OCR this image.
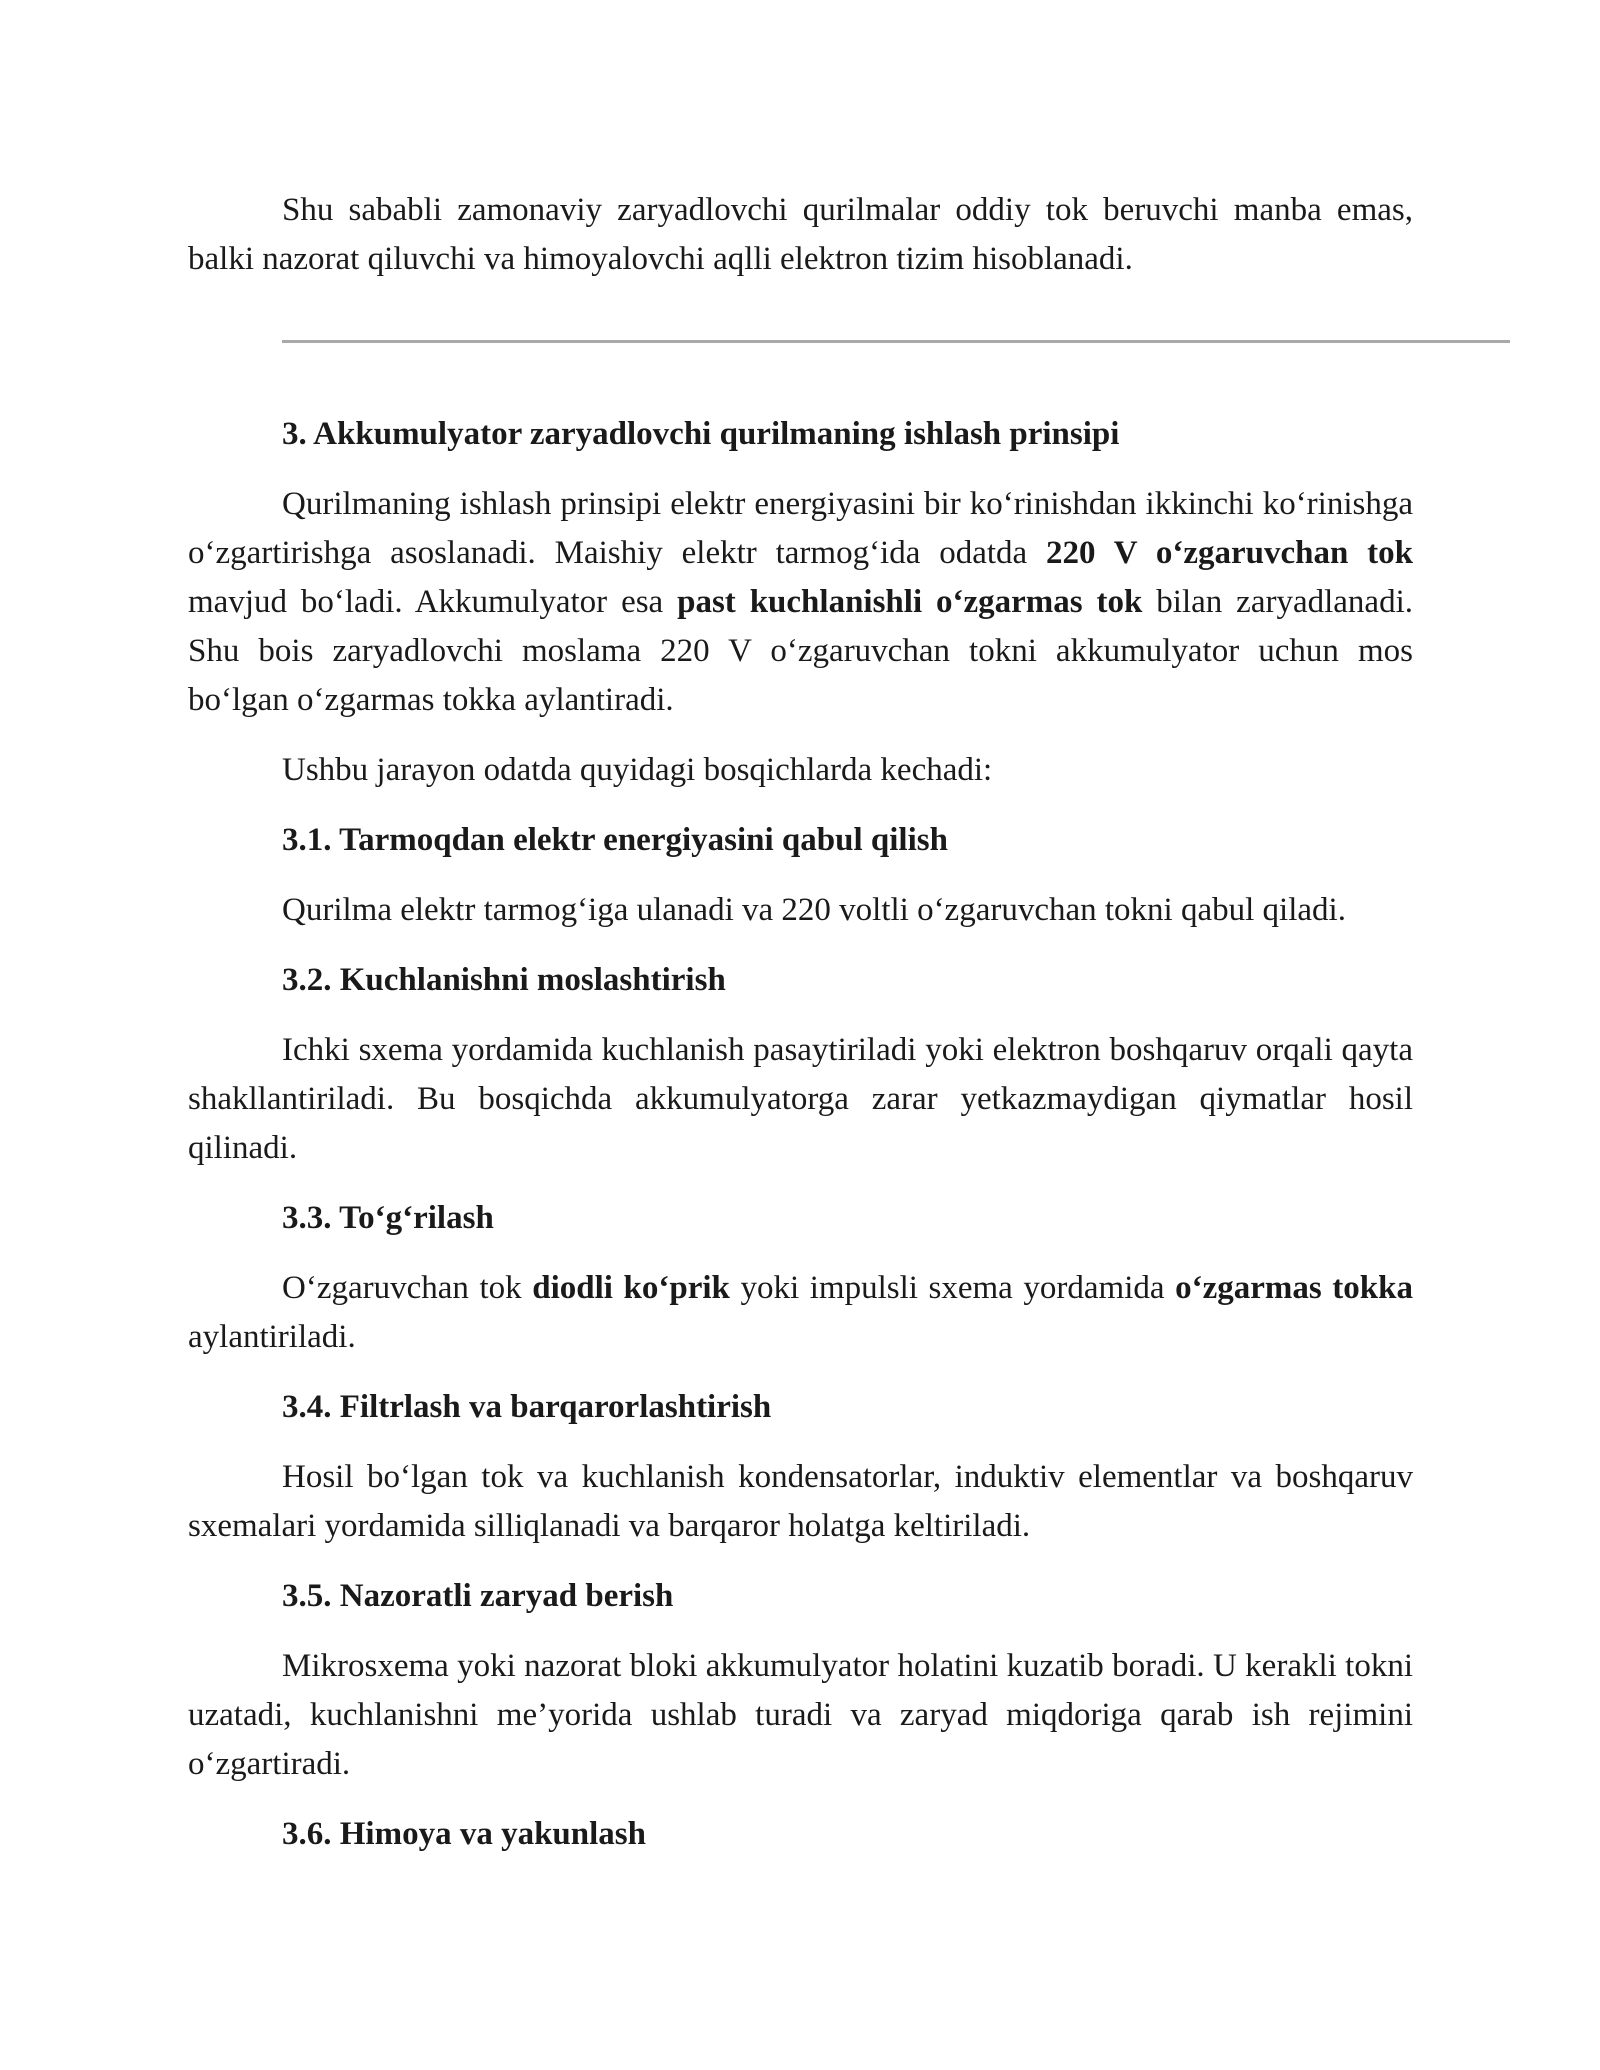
Shu sababli zamonaviy zaryadlovchi qurilmalar oddiy tok beruvchi manba emas, balki nazorat qiluvchi va himoyalovchi aqlli elektron tizim hisoblanadi.

3. Akkumulyator zaryadlovchi qurilmaning ishlash prinsipi

Qurilmaning ishlash prinsipi elektr energiyasini bir ko‘rinishdan ikkinchi ko‘rinishga o‘zgartirishga asoslanadi. Maishiy elektr tarmog‘ida odatda 220 V o‘zgaruvchan tok mavjud bo‘ladi. Akkumulyator esa past kuchlanishli o‘zgarmas tok bilan zaryadlanadi. Shu bois zaryadlovchi moslama 220 V o‘zgaruvchan tokni akkumulyator uchun mos bo‘lgan o‘zgarmas tokka aylantiradi.

Ushbu jarayon odatda quyidagi bosqichlarda kechadi:

3.1. Tarmoqdan elektr energiyasini qabul qilish

Qurilma elektr tarmog‘iga ulanadi va 220 voltli o‘zgaruvchan tokni qabul qiladi.

3.2. Kuchlanishni moslashtirish

Ichki sxema yordamida kuchlanish pasaytiriladi yoki elektron boshqaruv orqali qayta shakllantiriladi. Bu bosqichda akkumulyatorga zarar yetkazmaydigan qiymatlar hosil qilinadi.

3.3. To‘g‘rilash

O‘zgaruvchan tok diodli ko‘prik yoki impulsli sxema yordamida o‘zgarmas tokka aylantiriladi.

3.4. Filtrlash va barqarorlashtirish

Hosil bo‘lgan tok va kuchlanish kondensatorlar, induktiv elementlar va boshqaruv sxemalari yordamida silliqlanadi va barqaror holatga keltiriladi.

3.5. Nazoratli zaryad berish

Mikrosxema yoki nazorat bloki akkumulyator holatini kuzatib boradi. U kerakli tokni uzatadi, kuchlanishni me’yorida ushlab turadi va zaryad miqdoriga qarab ish rejimini o‘zgartiradi.

3.6. Himoya va yakunlash
